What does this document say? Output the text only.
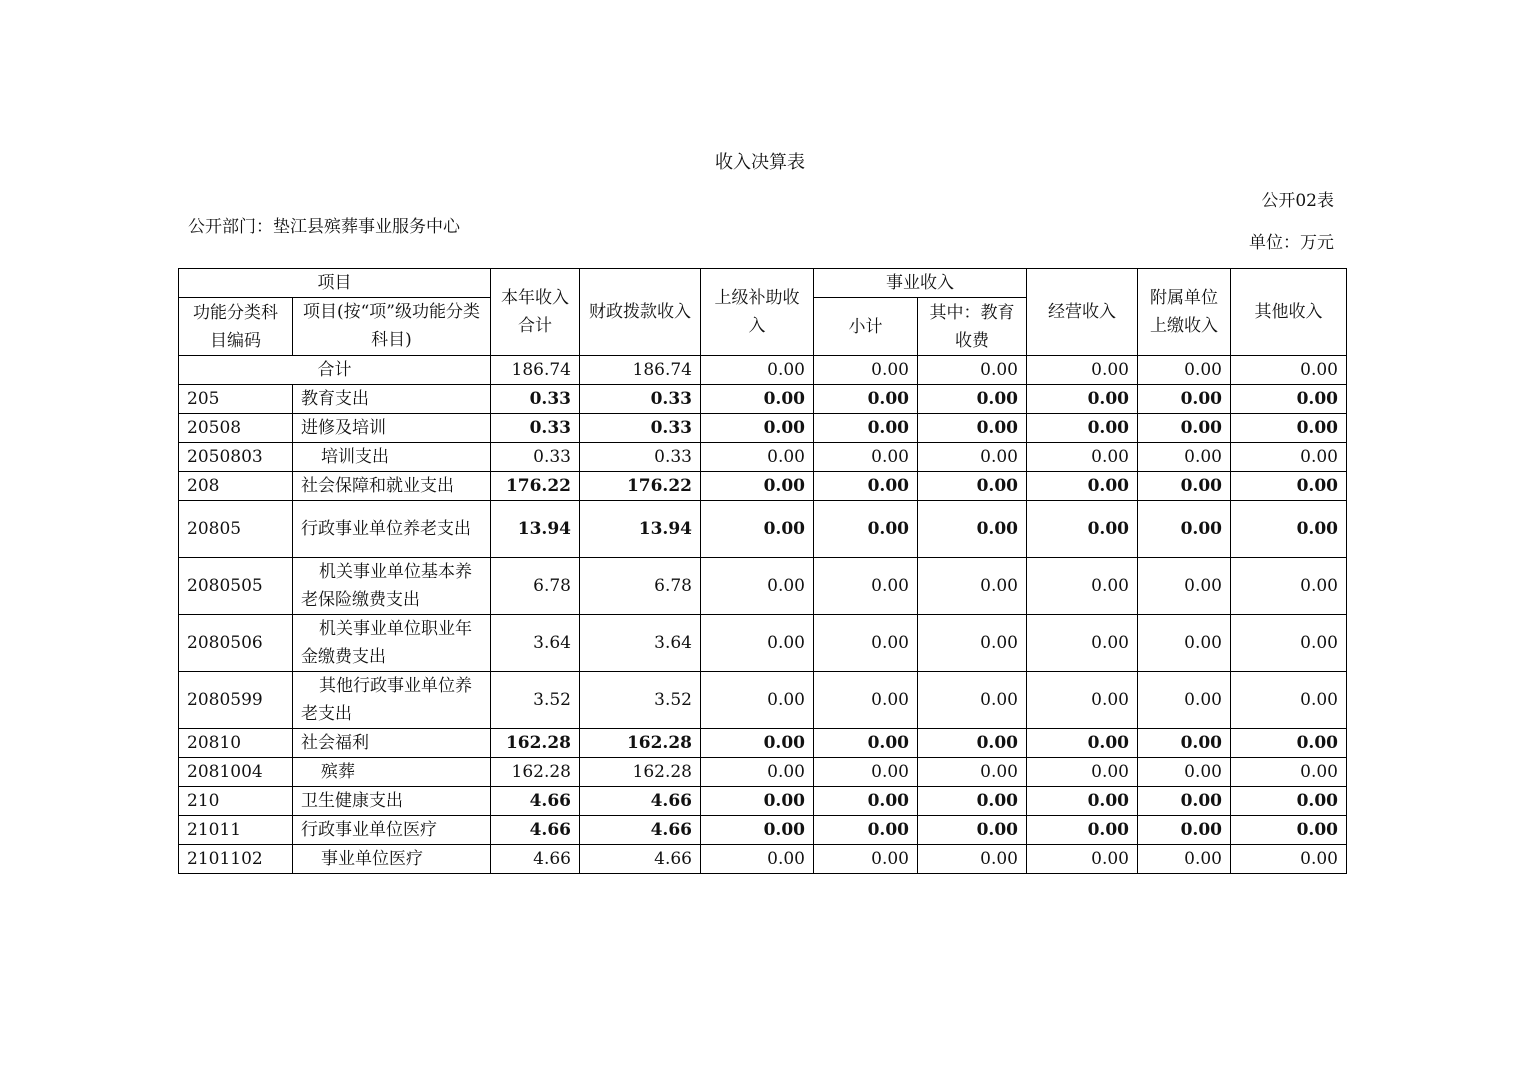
收入决算表
公开02表
公开部门：垫江县殡葬事业服务中心
单位：万元
项目		本年收入合计	财政拨款收入	上级补助收入	事业收入		经营收入	附属单位上缴收入	其他收入
功能分类科目编码	项目(按“项”级功能分类科目)								
					小计	其中：教育收费			
合计		186.74	186.74	0.00	0.00	0.00	0.00	0.00	0.00
205	教育支出	0.33	0.33	0.00	0.00	0.00	0.00	0.00	0.00
20508	进修及培训	0.33	0.33	0.00	0.00	0.00	0.00	0.00	0.00
2050803	培训支出	0.33	0.33	0.00	0.00	0.00	0.00	0.00	0.00
208	社会保障和就业支出	176.22	176.22	0.00	0.00	0.00	0.00	0.00	0.00
20805	行政事业单位养老支出	13.94	13.94	0.00	0.00	0.00	0.00	0.00	0.00
2080505	机关事业单位基本养老保险缴费支出	6.78	6.78	0.00	0.00	0.00	0.00	0.00	0.00
2080506	机关事业单位职业年金缴费支出	3.64	3.64	0.00	0.00	0.00	0.00	0.00	0.00
2080599	其他行政事业单位养老支出	3.52	3.52	0.00	0.00	0.00	0.00	0.00	0.00
20810	社会福利	162.28	162.28	0.00	0.00	0.00	0.00	0.00	0.00
2081004	殡葬	162.28	162.28	0.00	0.00	0.00	0.00	0.00	0.00
210	卫生健康支出	4.66	4.66	0.00	0.00	0.00	0.00	0.00	0.00
21011	行政事业单位医疗	4.66	4.66	0.00	0.00	0.00	0.00	0.00	0.00
2101102	事业单位医疗	4.66	4.66	0.00	0.00	0.00	0.00	0.00	0.00
